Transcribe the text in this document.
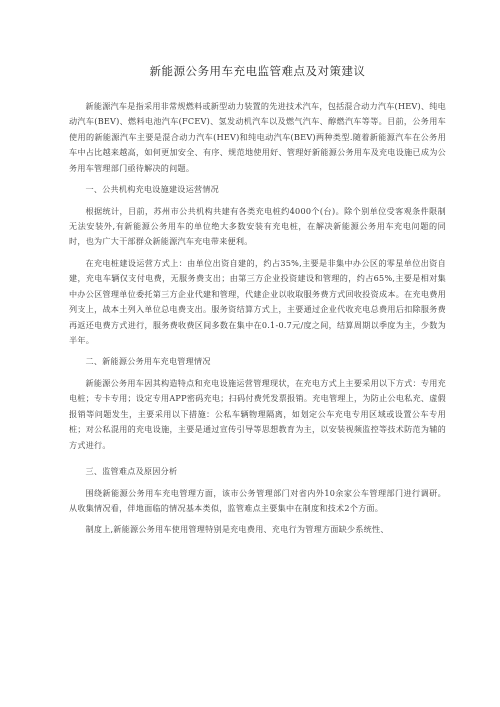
新能源公务用车充电监管难点及对策建议

新能源汽车是指采用非常规燃料或新型动力装置的先进技术汽车，包括混合动力汽车(HEV)、纯电动汽车(BEV)、燃料电池汽车(FCEV)、氢发动机汽车以及燃气汽车、醇燃汽车等等。目前，公务用车使用的新能源汽车主要是混合动力汽车(HEV)和纯电动汽车(BEV)两种类型.随着新能源汽车在公务用车中占比越来越高，如何更加安全、有序、规范地使用好、管理好新能源公务用车及充电设施已成为公务用车管理部门亟待解决的问题。

一、公共机构充电设施建设运营情况

根据统计，目前，苏州市公共机构共建有各类充电桩约4000个(台)。除个别单位受客观条件限制无法安装外,有新能源公务用车的单位绝大多数安装有充电桩，在解决新能源公务用车充电问题的同时，也为广大干部群众新能源汽车充电带来便利。

在充电桩建设运营方式上：由单位出资自建的，约占35%,主要是非集中办公区的零星单位出资自建，充电车辆仅支付电费，无服务费支出；由第三方企业投资建设和管理的，约占65%,主要是相对集中办公区管理单位委托第三方企业代建和管理，代建企业以收取服务费方式回收投资成本。在充电费用列支上，战本土列入单位总电费支出。服务资结算方式上，主要通过企业代收充电总费用后扣除服务费再返还电费方式进行，服务费收费区间多数在集中在0.1-0.7元/度之间，结算周期以季度为主，少数为半年。

二、新能源公务用车充电管理情况

新能源公务用车因其构造特点和充电设施运营管理现状，在充电方式上主要采用以下方式：专用充电桩；专卡专用；设定专用APP密码充电；扫码付费凭发票报销。充电管理上，为防止公电私充、虚假报销等问题发生，主要采用以下措施：公私车辆物理隔离，如划定公车充电专用区域或设置公车专用桩；对公私混用的充电设施，主要是通过宣传引导等思想教育为主，以安装视频监控等技术防范为辅的方式进行。

三、监管难点及原因分析

围绕新能源公务用车充电管理方面，该市公务管理部门对省内外10余家公车管理部门进行调研。从收集情况看，伴地面临的情况基本类似，监管难点主要集中在制度和技术2个方面。

制度上,新能源公务用车使用管理特别是充电费用、充电行为管理方面缺少系统性、
